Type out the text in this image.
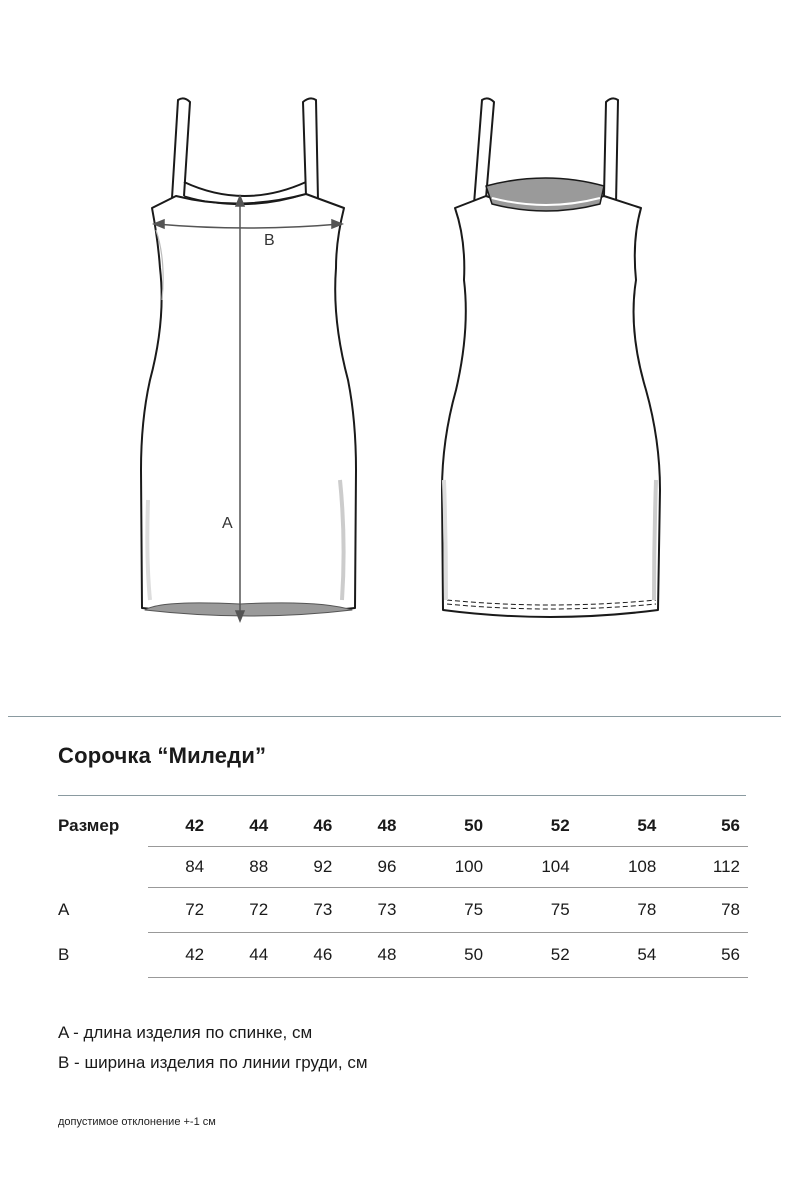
B
A
Сорочка “Миледи”
Размер	42	44	46	48	50	52	54	56
	84	88	92	96	100	104	108	112
A	72	72	73	73	75	75	78	78
B	42	44	46	48	50	52	54	56
A - длина изделия по спинке, см
B - ширина изделия по линии груди, см
допустимое отклонение +-1 см
